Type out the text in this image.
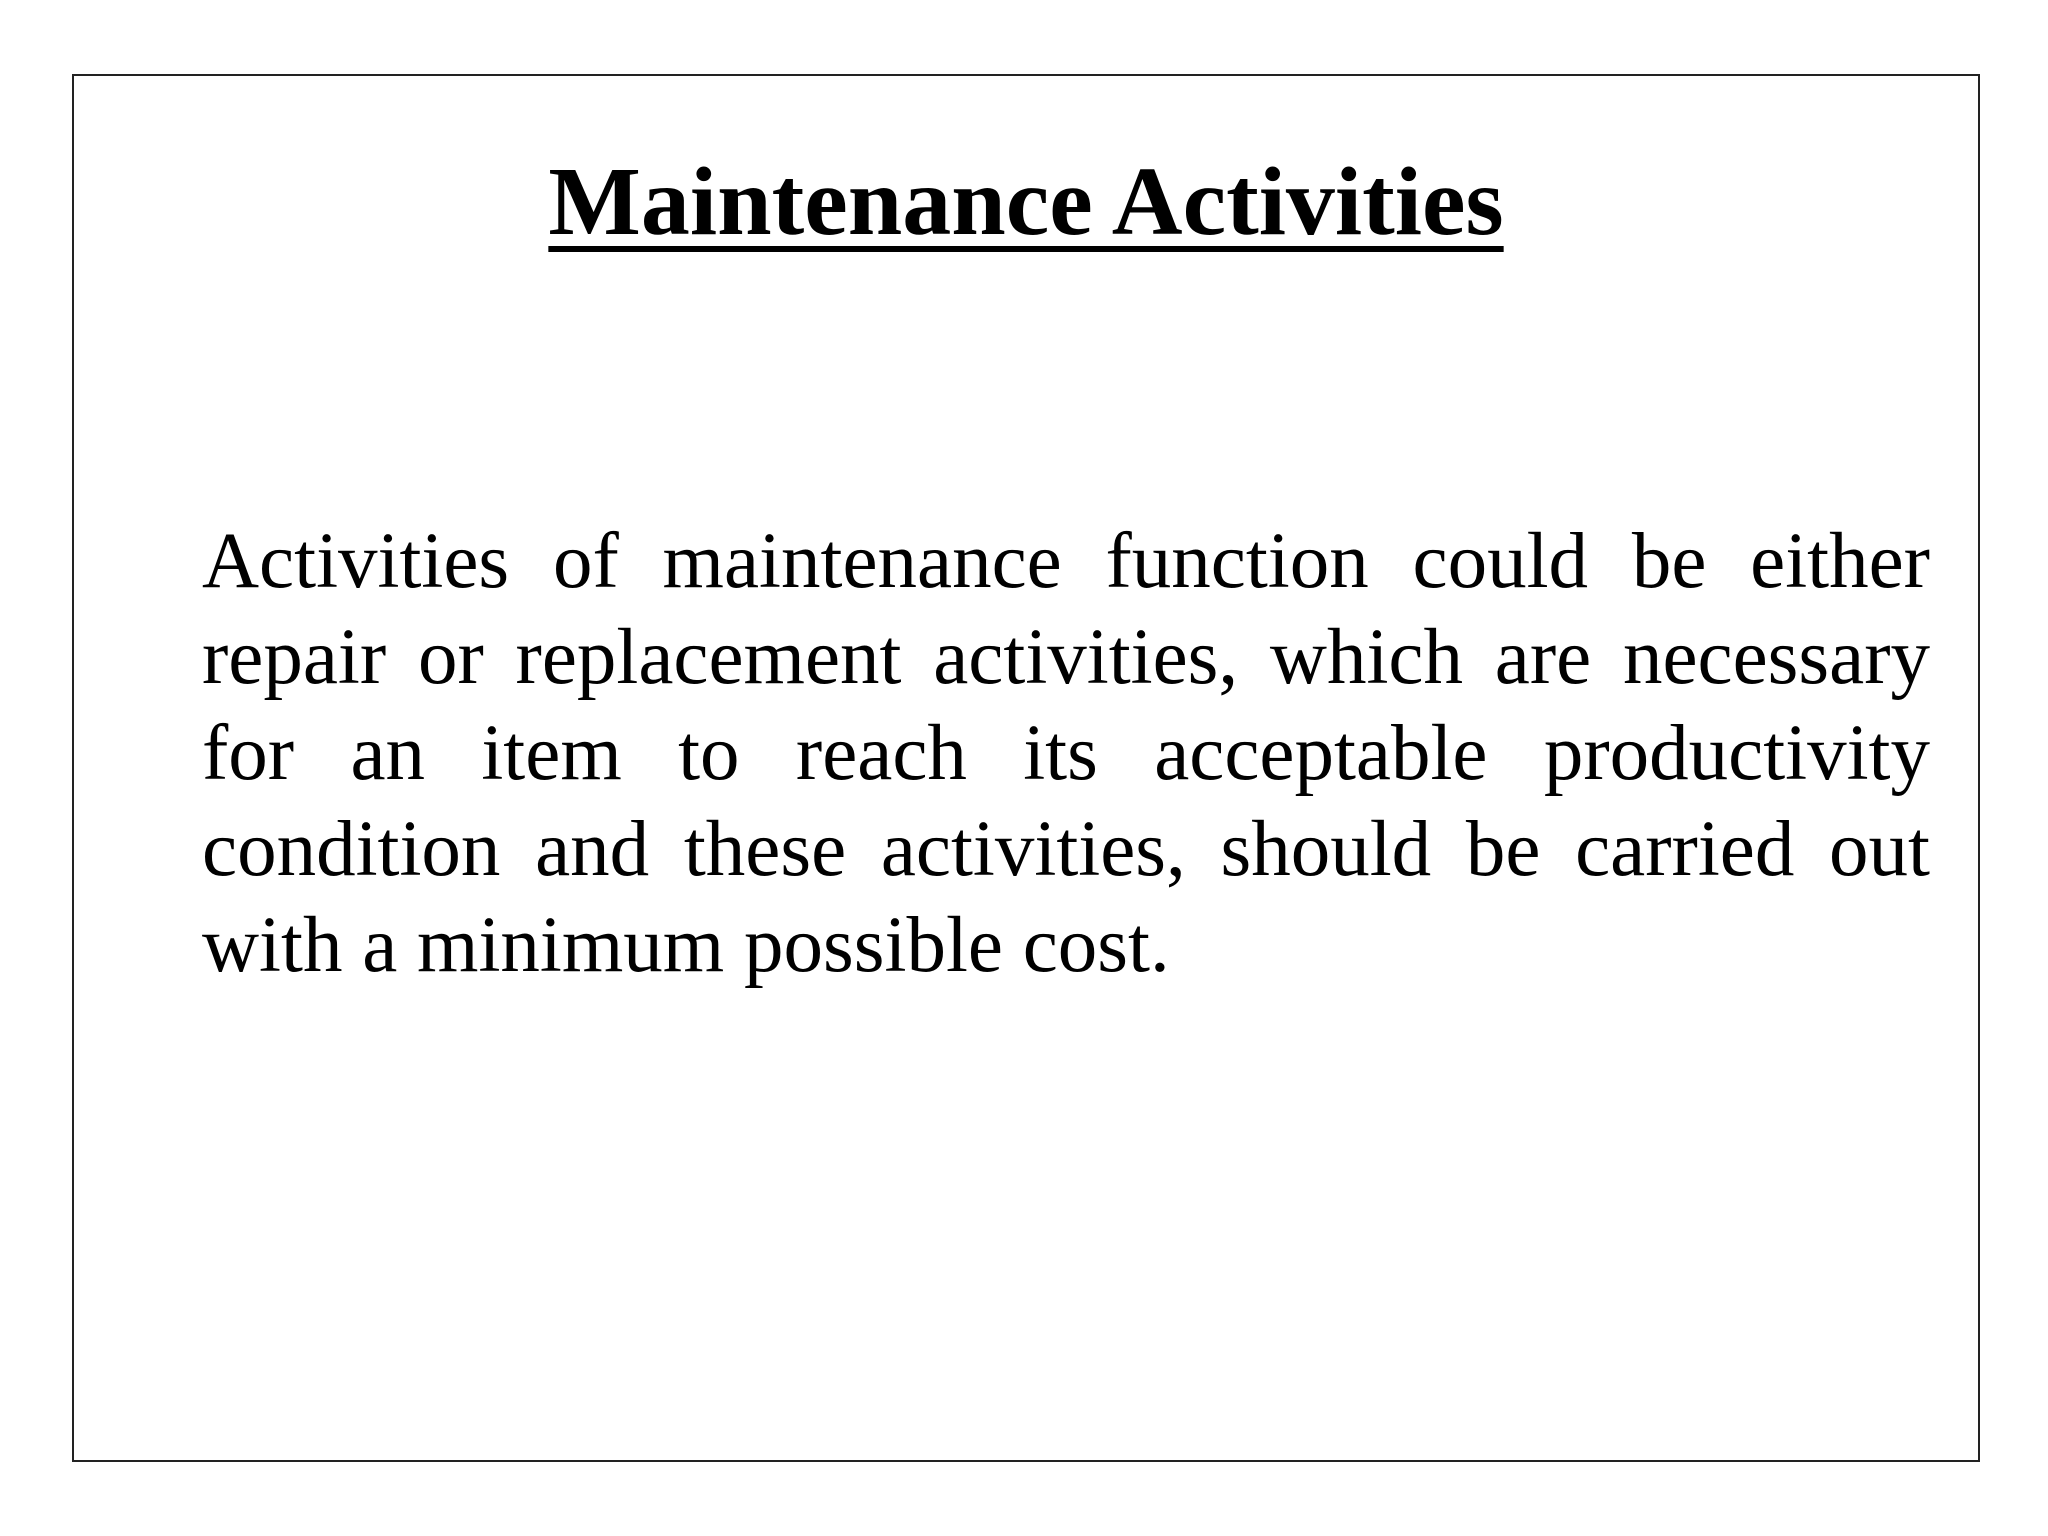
Maintenance Activities

Activities of maintenance function could be either repair or replacement activities, which are necessary for an item to reach its acceptable productivity condition and these activities, should be carried out with a minimum possible cost.
